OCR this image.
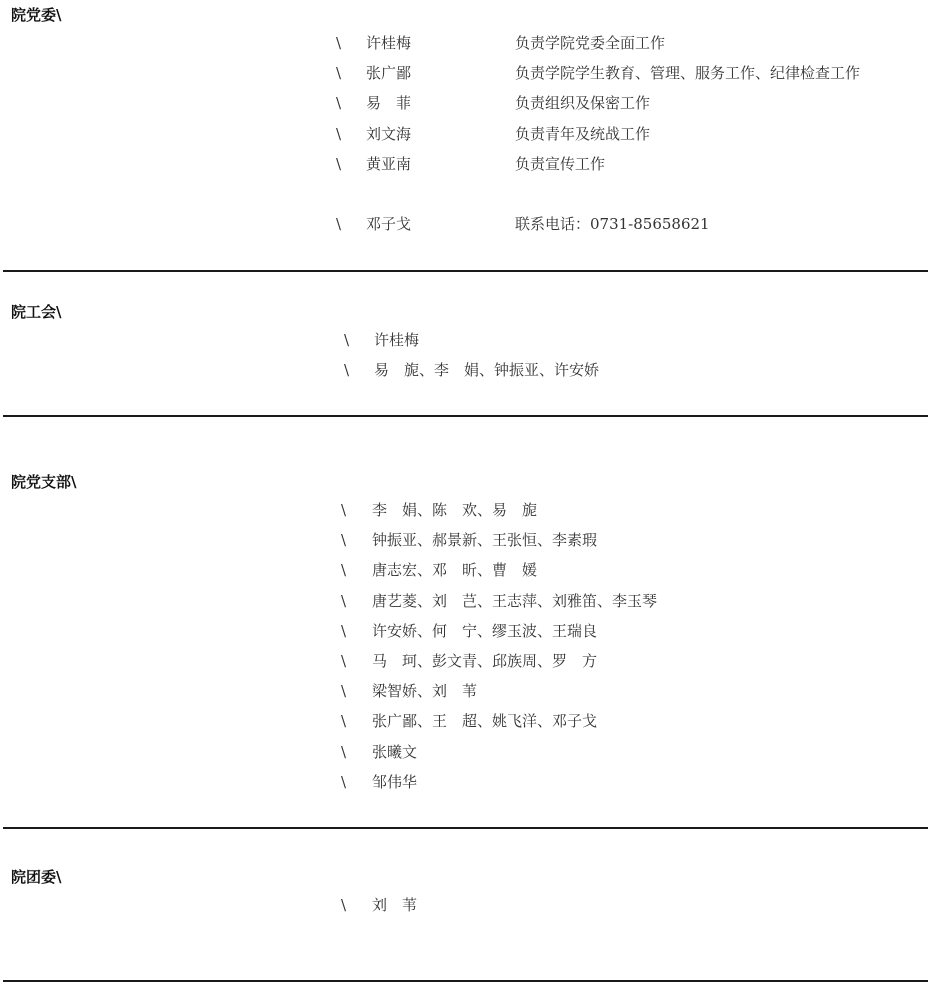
院党委\
\ 许桂梅	负责学院党委全面工作
\ 张广鄙	负责学院学生教育、管理、服务工作、纪律检查工作
\ 易　菲	负责组织及保密工作
\ 刘文海	负责青年及统战工作
\ 黄亚南	负责宣传工作
\ 邓子戈	联系电话：0731-85658621
院工会\
\ 许桂梅
\ 易　旎、李　娟、钟振亚、许安娇
院党支部\
\ 李　娟、陈　欢、易　旎
\ 钟振亚、郝景新、王张恒、李素瑕
\ 唐志宏、邓　昕、曹　媛
\ 唐艺菱、刘　芑、王志萍、刘雅笛、李玉琴
\ 许安娇、何　宁、缪玉波、王瑞良
\ 马　珂、彭文青、邱族周、罗　方
\ 梁智娇、刘　苇
\ 张广鄙、王　超、姚飞洋、邓子戈
\ 张曦文
\ 邹伟华
院团委\
\ 刘　苇
